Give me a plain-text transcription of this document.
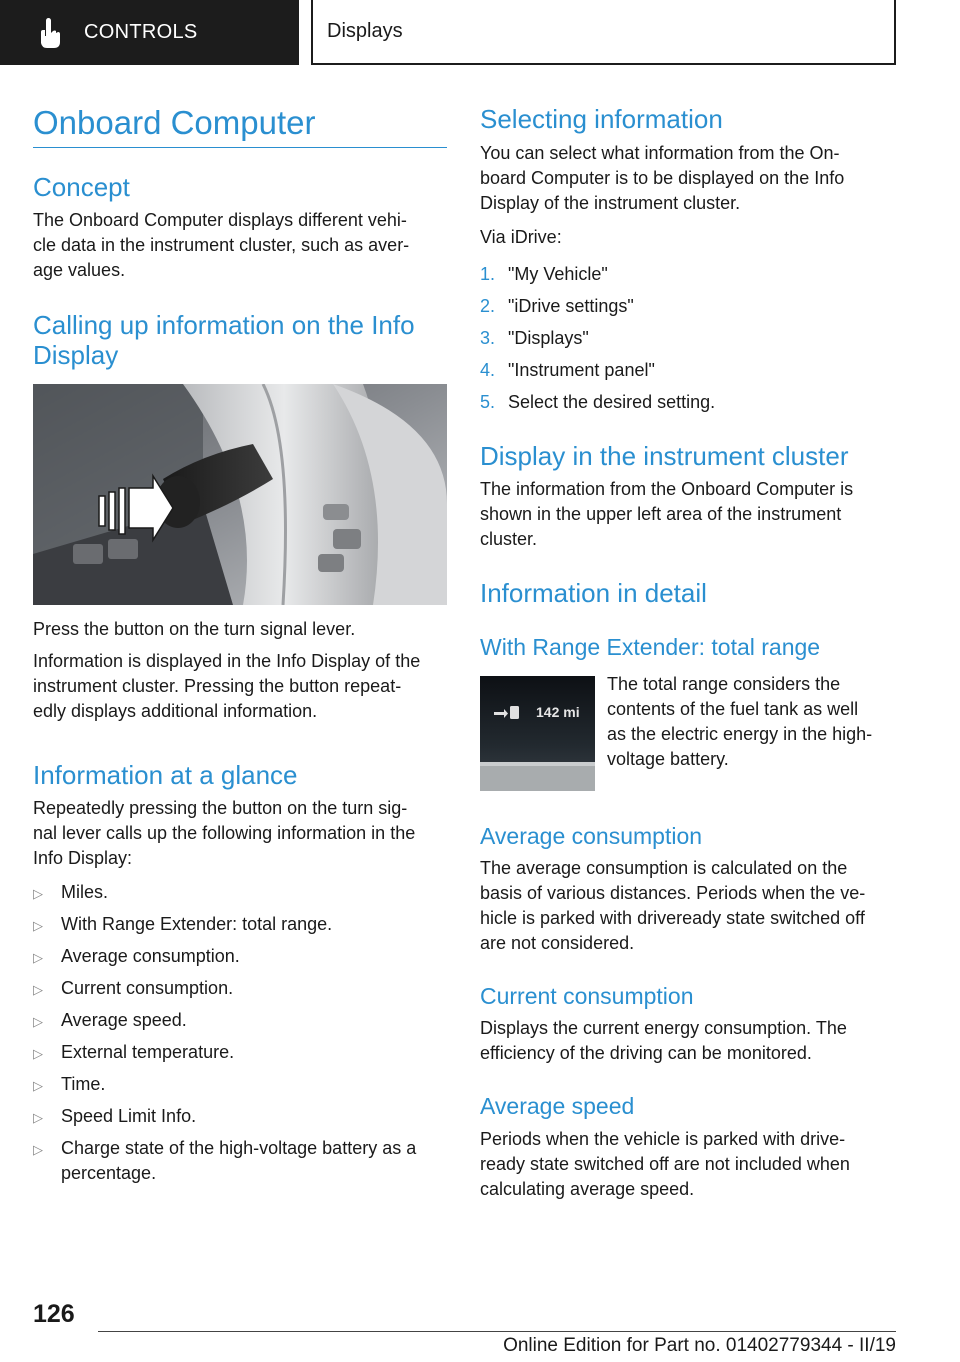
CONTROLS	Displays
Onboard Computer
Concept
The Onboard Computer displays different vehi-
cle data in the instrument cluster, such as aver-
age values.
Calling up information on the Info
Display
Press the button on the turn signal lever.
Information is displayed in the Info Display of the
instrument cluster. Pressing the button repeat-
edly displays additional information.
Information at a glance
Repeatedly pressing the button on the turn sig-
nal lever calls up the following information in the
Info Display:
▷ Miles.
▷ With Range Extender: total range.
▷ Average consumption.
▷ Current consumption.
▷ Average speed.
▷ External temperature.
▷ Time.
▷ Speed Limit Info.
▷ Charge state of the high-voltage battery as a
percentage.
Selecting information
You can select what information from the On-
board Computer is to be displayed on the Info
Display of the instrument cluster.
Via iDrive:
1. "My Vehicle"
2. "iDrive settings"
3. "Displays"
4. "Instrument panel"
5. Select the desired setting.
Display in the instrument cluster
The information from the Onboard Computer is
shown in the upper left area of the instrument
cluster.
Information in detail
With Range Extender: total range
142 mi
The total range considers the
contents of the fuel tank as well
as the electric energy in the high-
voltage battery.
Average consumption
The average consumption is calculated on the
basis of various distances. Periods when the ve-
hicle is parked with driveready state switched off
are not considered.
Current consumption
Displays the current energy consumption. The
efficiency of the driving can be monitored.
Average speed
Periods when the vehicle is parked with drive-
ready state switched off are not included when
calculating average speed.
126
Online Edition for Part no. 01402779344 - II/19
